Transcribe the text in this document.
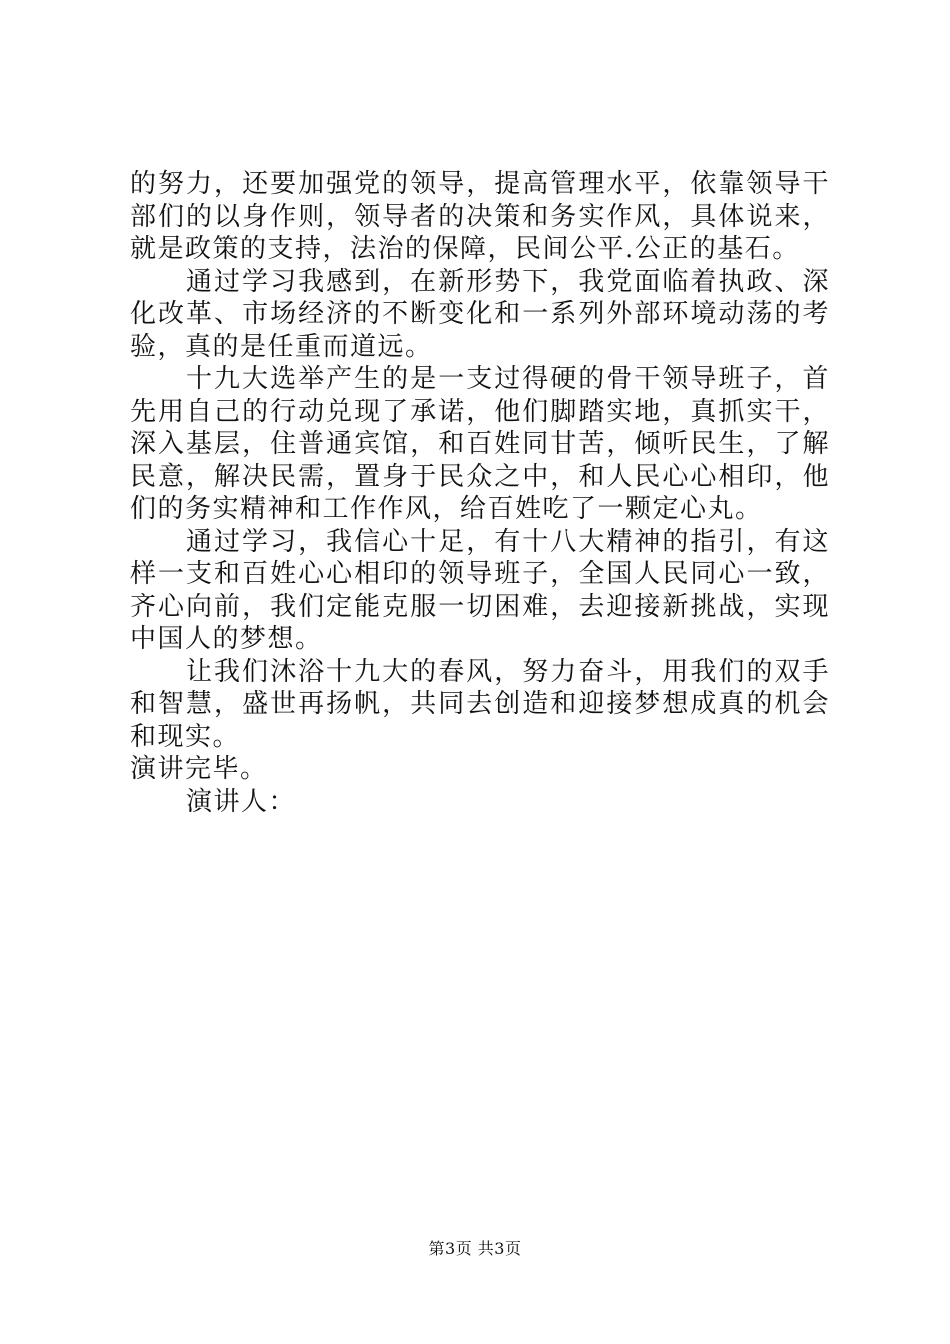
的努力，还要加强党的领导，提高管理水平，依靠领导干部们的以身作则，领导者的决策和务实作风，具体说来，就是政策的支持，法治的保障，民间公平.公正的基石。

通过学习我感到，在新形势下，我党面临着执政、深化改革、市场经济的不断变化和一系列外部环境动荡的考验，真的是任重而道远。

十九大选举产生的是一支过得硬的骨干领导班子，首先用自己的行动兑现了承诺，他们脚踏实地，真抓实干，深入基层，住普通宾馆，和百姓同甘苦，倾听民生，了解民意，解决民需，置身于民众之中，和人民心心相印，他们的务实精神和工作作风，给百姓吃了一颗定心丸。

通过学习，我信心十足，有十八大精神的指引，有这样一支和百姓心心相印的领导班子，全国人民同心一致，齐心向前，我们定能克服一切困难，去迎接新挑战，实现中国人的梦想。

让我们沐浴十九大的春风，努力奋斗，用我们的双手和智慧，盛世再扬帆，共同去创造和迎接梦想成真的机会和现实。

演讲完毕。

演讲人：

第3页 共3页
